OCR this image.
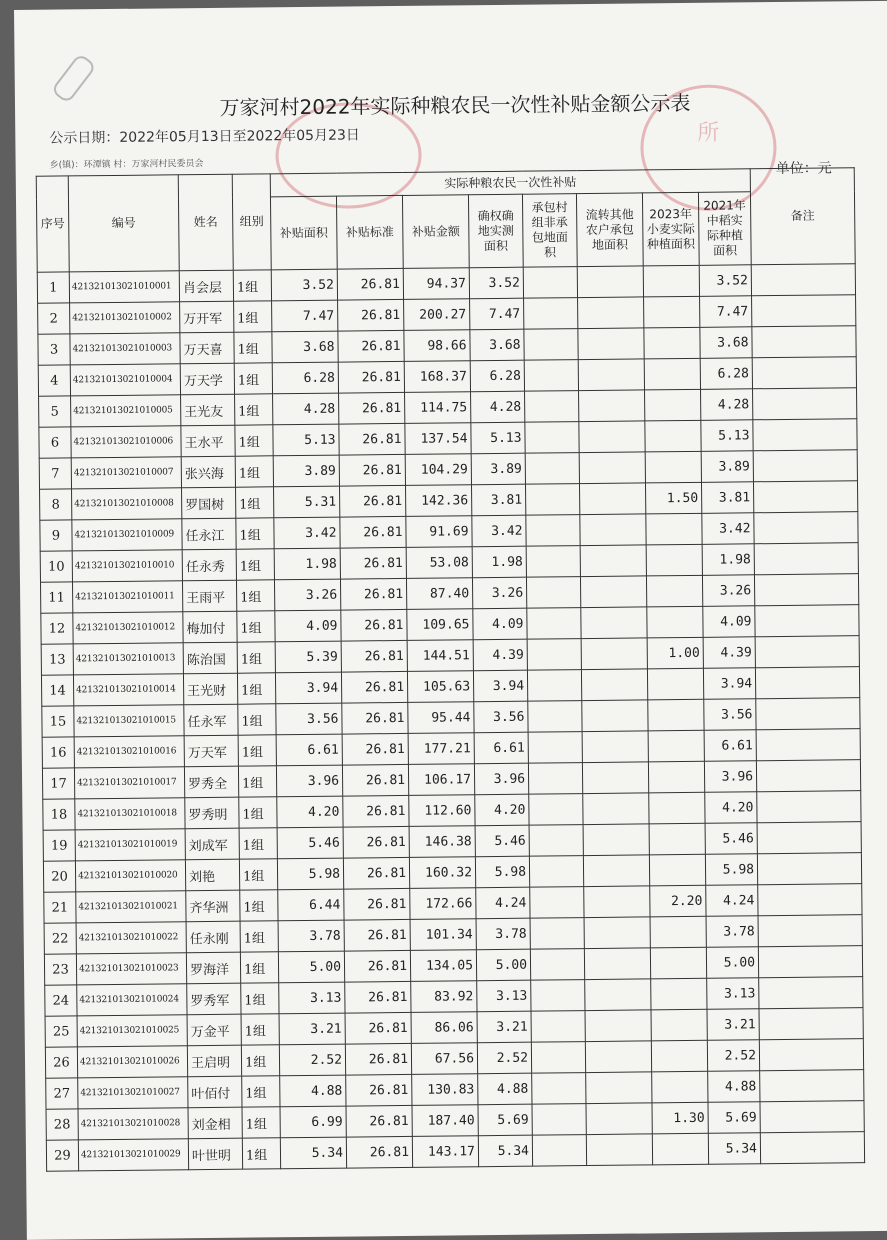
所
万家河村2022年实际种粮农民一次性补贴金额公示表
公示日期：2022年05月13日至2022年05月23日
乡(镇)：环潭镇 村：万家河村民委员会	单位：元
序号	编号	姓名	组别	实际种粮农民一次性补贴								备注
				补贴面积	补贴标准	补贴金额	确权确地实测面积	承包村组非承包地面积	流转其他农户承包地面积	2023年小麦实际种植面积	2021年中稻实际种植面积	
1	421321013021010001	肖会层	1组	3.52	26.81	94.37	3.52				3.52	
2	421321013021010002	万开军	1组	7.47	26.81	200.27	7.47				7.47	
3	421321013021010003	万天喜	1组	3.68	26.81	98.66	3.68				3.68	
4	421321013021010004	万天学	1组	6.28	26.81	168.37	6.28				6.28	
5	421321013021010005	王光友	1组	4.28	26.81	114.75	4.28				4.28	
6	421321013021010006	王水平	1组	5.13	26.81	137.54	5.13				5.13	
7	421321013021010007	张兴海	1组	3.89	26.81	104.29	3.89				3.89	
8	421321013021010008	罗国树	1组	5.31	26.81	142.36	3.81			1.50	3.81	
9	421321013021010009	任永江	1组	3.42	26.81	91.69	3.42				3.42	
10	421321013021010010	任永秀	1组	1.98	26.81	53.08	1.98				1.98	
11	421321013021010011	王雨平	1组	3.26	26.81	87.40	3.26				3.26	
12	421321013021010012	梅加付	1组	4.09	26.81	109.65	4.09				4.09	
13	421321013021010013	陈治国	1组	5.39	26.81	144.51	4.39			1.00	4.39	
14	421321013021010014	王光财	1组	3.94	26.81	105.63	3.94				3.94	
15	421321013021010015	任永军	1组	3.56	26.81	95.44	3.56				3.56	
16	421321013021010016	万天军	1组	6.61	26.81	177.21	6.61				6.61	
17	421321013021010017	罗秀全	1组	3.96	26.81	106.17	3.96				3.96	
18	421321013021010018	罗秀明	1组	4.20	26.81	112.60	4.20				4.20	
19	421321013021010019	刘成军	1组	5.46	26.81	146.38	5.46				5.46	
20	421321013021010020	刘艳	1组	5.98	26.81	160.32	5.98				5.98	
21	421321013021010021	齐华洲	1组	6.44	26.81	172.66	4.24			2.20	4.24	
22	421321013021010022	任永刚	1组	3.78	26.81	101.34	3.78				3.78	
23	421321013021010023	罗海洋	1组	5.00	26.81	134.05	5.00				5.00	
24	421321013021010024	罗秀军	1组	3.13	26.81	83.92	3.13				3.13	
25	421321013021010025	万金平	1组	3.21	26.81	86.06	3.21				3.21	
26	421321013021010026	王启明	1组	2.52	26.81	67.56	2.52				2.52	
27	421321013021010027	叶佰付	1组	4.88	26.81	130.83	4.88				4.88	
28	421321013021010028	刘金相	1组	6.99	26.81	187.40	5.69			1.30	5.69	
29	421321013021010029	叶世明	1组	5.34	26.81	143.17	5.34				5.34	
